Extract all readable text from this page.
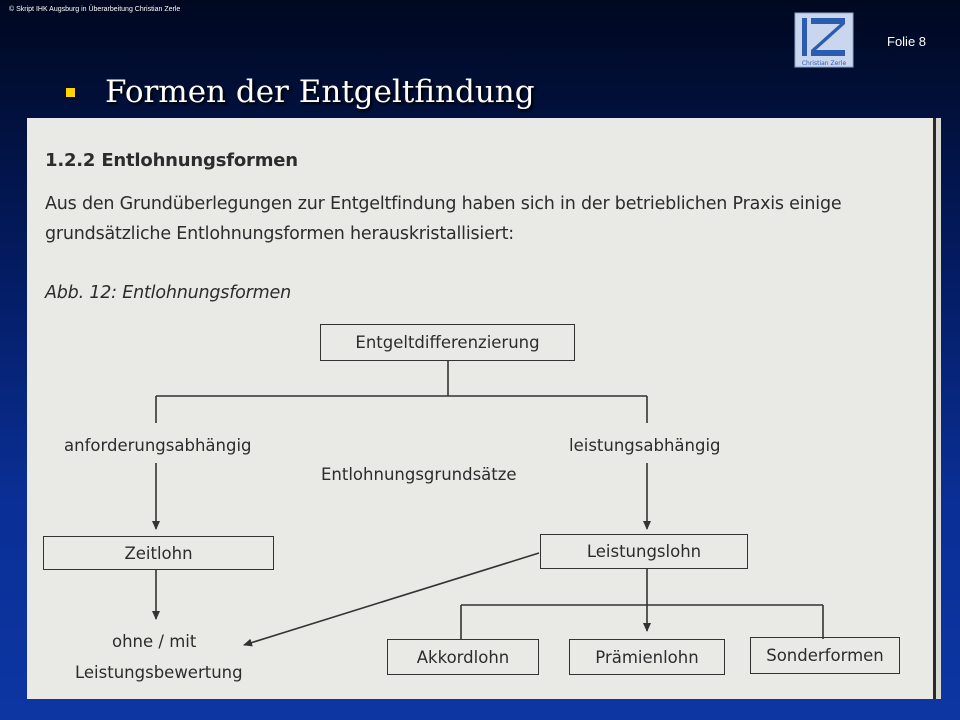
© Skript IHK Augsburg in Überarbeitung Christian Zerle
Christian Zerle
Folie 8
Formen der Entgeltfindung
1.2.2 Entlohnungsformen
Aus den Grundüberlegungen zur Entgeltfindung haben sich in der betrieblichen Praxis einige
grundsätzliche Entlohnungsformen herauskristallisiert:
Abb. 12: Entlohnungsformen
Entgeltdifferenzierung
anforderungsabhängig	leistungsabhängig
Entlohnungsgrundsätze
Zeitlohn	Leistungslohn
ohne / mit
Leistungsbewertung
Akkordlohn	Prämienlohn	Sonderformen
